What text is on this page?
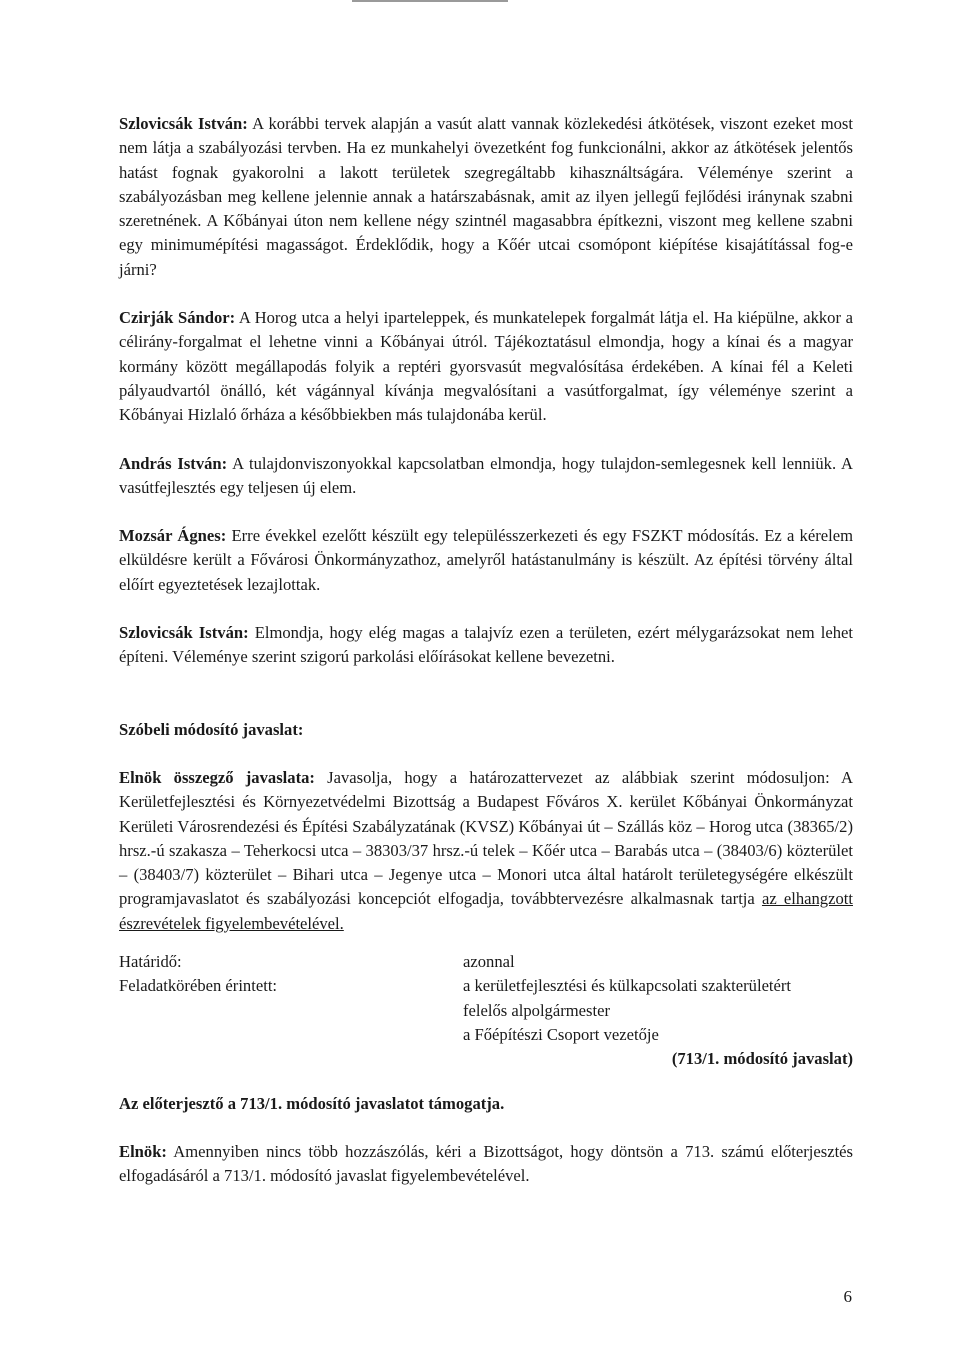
Szlovicsák István: A korábbi tervek alapján a vasút alatt vannak közlekedési átkötések, viszont ezeket most nem látja a szabályozási tervben. Ha ez munkahelyi övezetként fog funkcionálni, akkor az átkötések jelentős hatást fognak gyakorolni a lakott területek szegregáltabb kihasználtságára. Véleménye szerint a szabályozásban meg kellene jelennie annak a határszabásnak, amit az ilyen jellegű fejlődési iránynak szabni szeretnének. A Kőbányai úton nem kellene négy szintnél magasabbra építkezni, viszont meg kellene szabni egy minimumépítési magasságot. Érdeklődik, hogy a Kőér utcai csomópont kiépítése kisajátítással fog-e járni?

Czirják Sándor: A Horog utca a helyi iparteleppek, és munkatelepek forgalmát látja el. Ha kiépülne, akkor a célirány-forgalmat el lehetne vinni a Kőbányai útról. Tájékoztatásul elmondja, hogy a kínai és a magyar kormány között megállapodás folyik a reptéri gyorsvasút megvalósítása érdekében. A kínai fél a Keleti pályaudvartól önálló, két vágánnyal kívánja megvalósítani a vasútforgalmat, így véleménye szerint a Kőbányai Hizlaló őrháza a későbbiekben más tulajdonába kerül.

András István: A tulajdonviszonyokkal kapcsolatban elmondja, hogy tulajdon-semlegesnek kell lenniük. A vasútfejlesztés egy teljesen új elem.

Mozsár Ágnes: Erre évekkel ezelőtt készült egy településszerkezeti és egy FSZKT módosítás. Ez a kérelem elküldésre került a Fővárosi Önkormányzathoz, amelyről hatástanulmány is készült. Az építési törvény által előírt egyeztetések lezajlottak.

Szlovicsák István: Elmondja, hogy elég magas a talajvíz ezen a területen, ezért mélygarázsokat nem lehet építeni. Véleménye szerint szigorú parkolási előírásokat kellene bevezetni.

Szóbeli módosító javaslat:

Elnök összegző javaslata: Javasolja, hogy a határozattervezet az alábbiak szerint módosuljon: A Kerületfejlesztési és Környezetvédelmi Bizottság a Budapest Főváros X. kerület Kőbányai Önkormányzat Kerületi Városrendezési és Építési Szabályzatának (KVSZ) Kőbányai út – Szállás köz – Horog utca (38365/2) hrsz.-ú szakasza – Teherkocsi utca – 38303/37 hrsz.-ú telek – Kőér utca – Barabás utca – (38403/6) közterület – (38403/7) közterület – Bihari utca – Jegenye utca – Monori utca által határolt területegységére elkészült programjavaslatot és szabályozási koncepciót elfogadja, továbbtervezésre alkalmasnak tartja az elhangzott észrevételek figyelembevételével.

Határidő:	azonnal
Feladatkörében érintett:	a kerületfejlesztési és külkapcsolati szakterületért
felelős alpolgármester
a Főépítészi Csoport vezetője
(713/1. módosító javaslat)

Az előterjesztő a 713/1. módosító javaslatot támogatja.

Elnök: Amennyiben nincs több hozzászólás, kéri a Bizottságot, hogy döntsön a 713. számú előterjesztés elfogadásáról a 713/1. módosító javaslat figyelembevételével.

6
